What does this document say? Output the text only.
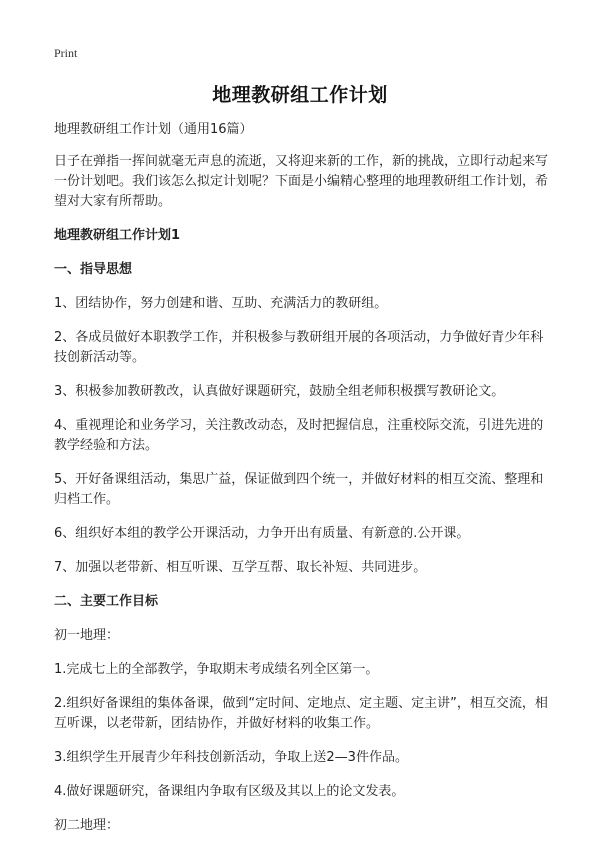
Print
地理教研组工作计划

地理教研组工作计划（通用16篇）

日子在弹指一挥间就毫无声息的流逝，又将迎来新的工作，新的挑战，立即行动起来写一份计划吧。我们该怎么拟定计划呢？下面是小编精心整理的地理教研组工作计划，希望对大家有所帮助。

地理教研组工作计划1

一、指导思想

1、团结协作，努力创建和谐、互助、充满活力的教研组。

2、各成员做好本职教学工作，并积极参与教研组开展的各项活动，力争做好青少年科技创新活动等。

3、积极参加教研教改，认真做好课题研究，鼓励全组老师积极撰写教研论文。

4、重视理论和业务学习，关注教改动态，及时把握信息，注重校际交流，引进先进的教学经验和方法。

5、开好备课组活动，集思广益，保证做到四个统一，并做好材料的相互交流、整理和归档工作。

6、组织好本组的教学公开课活动，力争开出有质量、有新意的.公开课。

7、加强以老带新、相互听课、互学互帮、取长补短、共同进步。

二、主要工作目标

初一地理：

1.完成七上的全部教学，争取期末考成绩名列全区第一。

2.组织好备课组的集体备课，做到“定时间、定地点、定主题、定主讲”，相互交流，相互听课，以老带新，团结协作，并做好材料的收集工作。

3.组织学生开展青少年科技创新活动，争取上送2—3件作品。

4.做好课题研究，备课组内争取有区级及其以上的论文发表。

初二地理：
